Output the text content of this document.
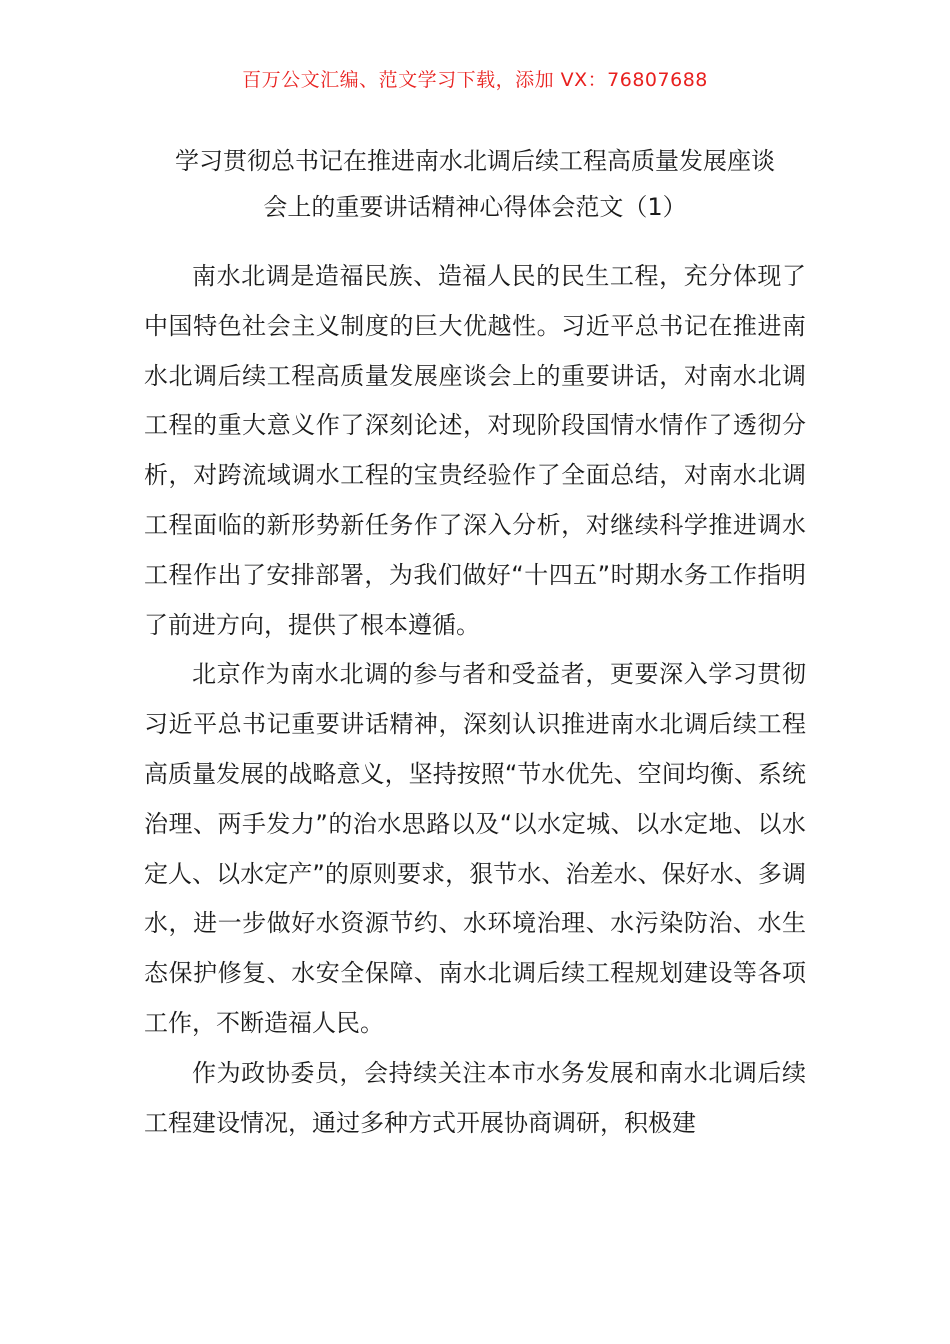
百万公文汇编、范文学习下载，添加 VX：76807688
学习贯彻总书记在推进南水北调后续工程高质量发展座谈
会上的重要讲话精神心得体会范文（1）

南水北调是造福民族、造福人民的民生工程，充分体现了中国特色社会主义制度的巨大优越性。习近平总书记在推进南水北调后续工程高质量发展座谈会上的重要讲话，对南水北调工程的重大意义作了深刻论述，对现阶段国情水情作了透彻分析，对跨流域调水工程的宝贵经验作了全面总结，对南水北调工程面临的新形势新任务作了深入分析，对继续科学推进调水工程作出了安排部署，为我们做好“十四五”时期水务工作指明了前进方向，提供了根本遵循。

北京作为南水北调的参与者和受益者，更要深入学习贯彻习近平总书记重要讲话精神，深刻认识推进南水北调后续工程高质量发展的战略意义，坚持按照“节水优先、空间均衡、系统治理、两手发力”的治水思路以及“以水定城、以水定地、以水定人、以水定产”的原则要求，狠节水、治差水、保好水、多调水，进一步做好水资源节约、水环境治理、水污染防治、水生态保护修复、水安全保障、南水北调后续工程规划建设等各项工作，不断造福人民。

作为政协委员，会持续关注本市水务发展和南水北调后续工程建设情况，通过多种方式开展协商调研，积极建
